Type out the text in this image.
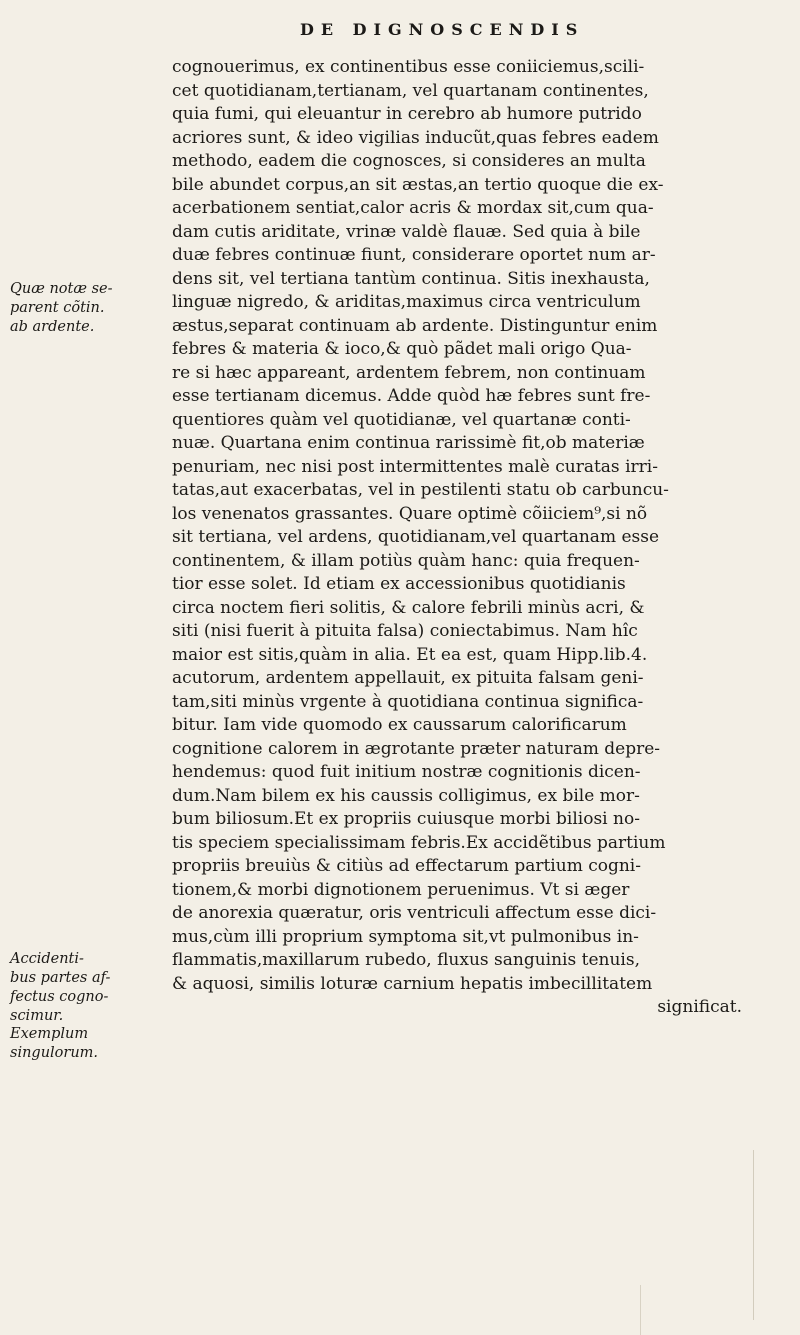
DE DIGNOSCENDIS
cognouerimus, ex continentibus esse coniiciemus,scili-
cet quotidianam,tertianam, vel quartanam continentes,
quia fumi, qui eleuantur in cerebro ab humore putrido
acriores sunt, & ideo vigilias inducũt,quas febres eadem
methodo, eadem die cognosces, si consideres an multa
bile abundet corpus,an sit æstas,an tertio quoque die ex-
acerbationem sentiat,calor acris & mordax sit,cum qua-
dam cutis ariditate, vrinæ valdè flauæ. Sed quia à bile
duæ febres continuæ fiunt, considerare oportet num ar-
dens sit, vel tertiana tantùm continua. Sitis inexhausta,
linguæ nigredo, & ariditas,maximus circa ventriculum
æstus,separat continuam ab ardente. Distinguntur enim
febres & materia & ioco,& quò pãdet mali origo Qua-
re si hæc appareant, ardentem febrem, non continuam
esse tertianam dicemus. Adde quòd hæ febres sunt fre-
quentiores quàm vel quotidianæ, vel quartanæ conti-
nuæ. Quartana enim continua rarissimè fit,ob materiæ
penuriam, nec nisi post intermittentes malè curatas irri-
tatas,aut exacerbatas, vel in pestilenti statu ob carbuncu-
los venenatos grassantes. Quare optimè cõiiciem⁹,si nõ
sit tertiana, vel ardens, quotidianam,vel quartanam esse
continentem, & illam potiùs quàm hanc: quia frequen-
tior esse solet. Id etiam ex accessionibus quotidianis
circa noctem fieri solitis, & calore febrili minùs acri, &
siti (nisi fuerit à pituita falsa) coniectabimus. Nam hîc
maior est sitis,quàm in alia. Et ea est, quam Hipp.lib.4.
acutorum, ardentem appellauit, ex pituita falsam geni-
tam,siti minùs vrgente à quotidiana continua significa-
bitur. Iam vide quomodo ex caussarum calorificarum
cognitione calorem in ægrotante præter naturam depre-
hendemus: quod fuit initium nostræ cognitionis dicen-
dum.Nam bilem ex his caussis colligimus, ex bile mor-
bum biliosum.Et ex propriis cuiusque morbi biliosi no-
tis speciem specialissimam febris.Ex accidẽtibus partium
propriis breuiùs & citiùs ad effectarum partium cogni-
tionem,& morbi dignotionem peruenimus. Vt si æger
de anorexia quæratur, oris ventriculi affectum esse dici-
mus,cùm illi proprium symptoma sit,vt pulmonibus in-
flammatis,maxillarum rubedo, fluxus sanguinis tenuis,
& aquosi, similis loturæ carnium hepatis imbecillitatem
significat.
Quæ notæ se-
parent cõtin.
ab ardente.
Accidenti-
bus partes af-
fectus cogno-
scimur.
Exemplum
singulorum.
